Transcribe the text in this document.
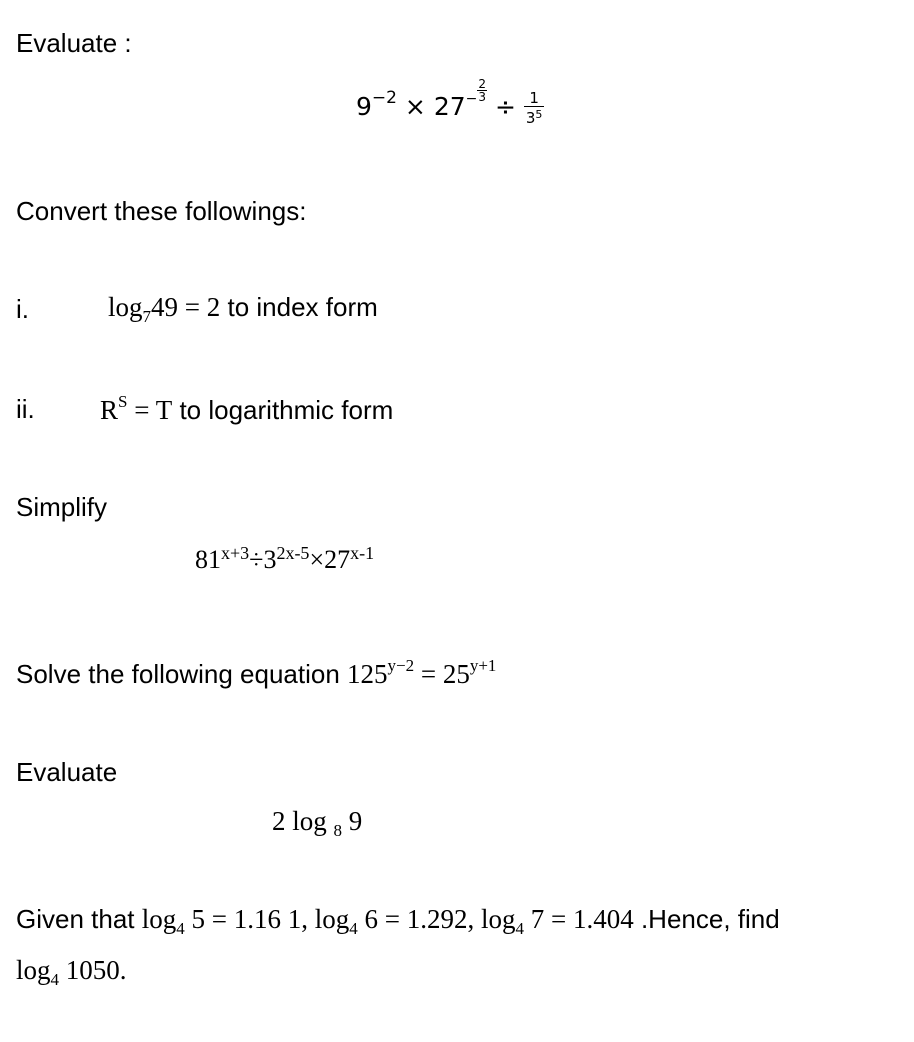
Evaluate :
$9^{-2} \times 27^- \frac{2}{3}$
÷ $\frac{1}{3^5}$
Convert these followings:
i.	$\log_749 = 2$ to index form
ii. $R^S = T$ to logarithmic form
Simplify
$81^{x+3}\div 3^{2x-5}\times 27^{x-1}$
Solve the following equation $125^{y-2} = 25^{y+1}$
Evaluate
2 log $_8$ 9
Given that $\log_4 5 = 1.16$ 1, $\log_4 6 = 1.292$, $\log_4 7 = 1.404$ .Hence, find
$\log_4 1050$.
